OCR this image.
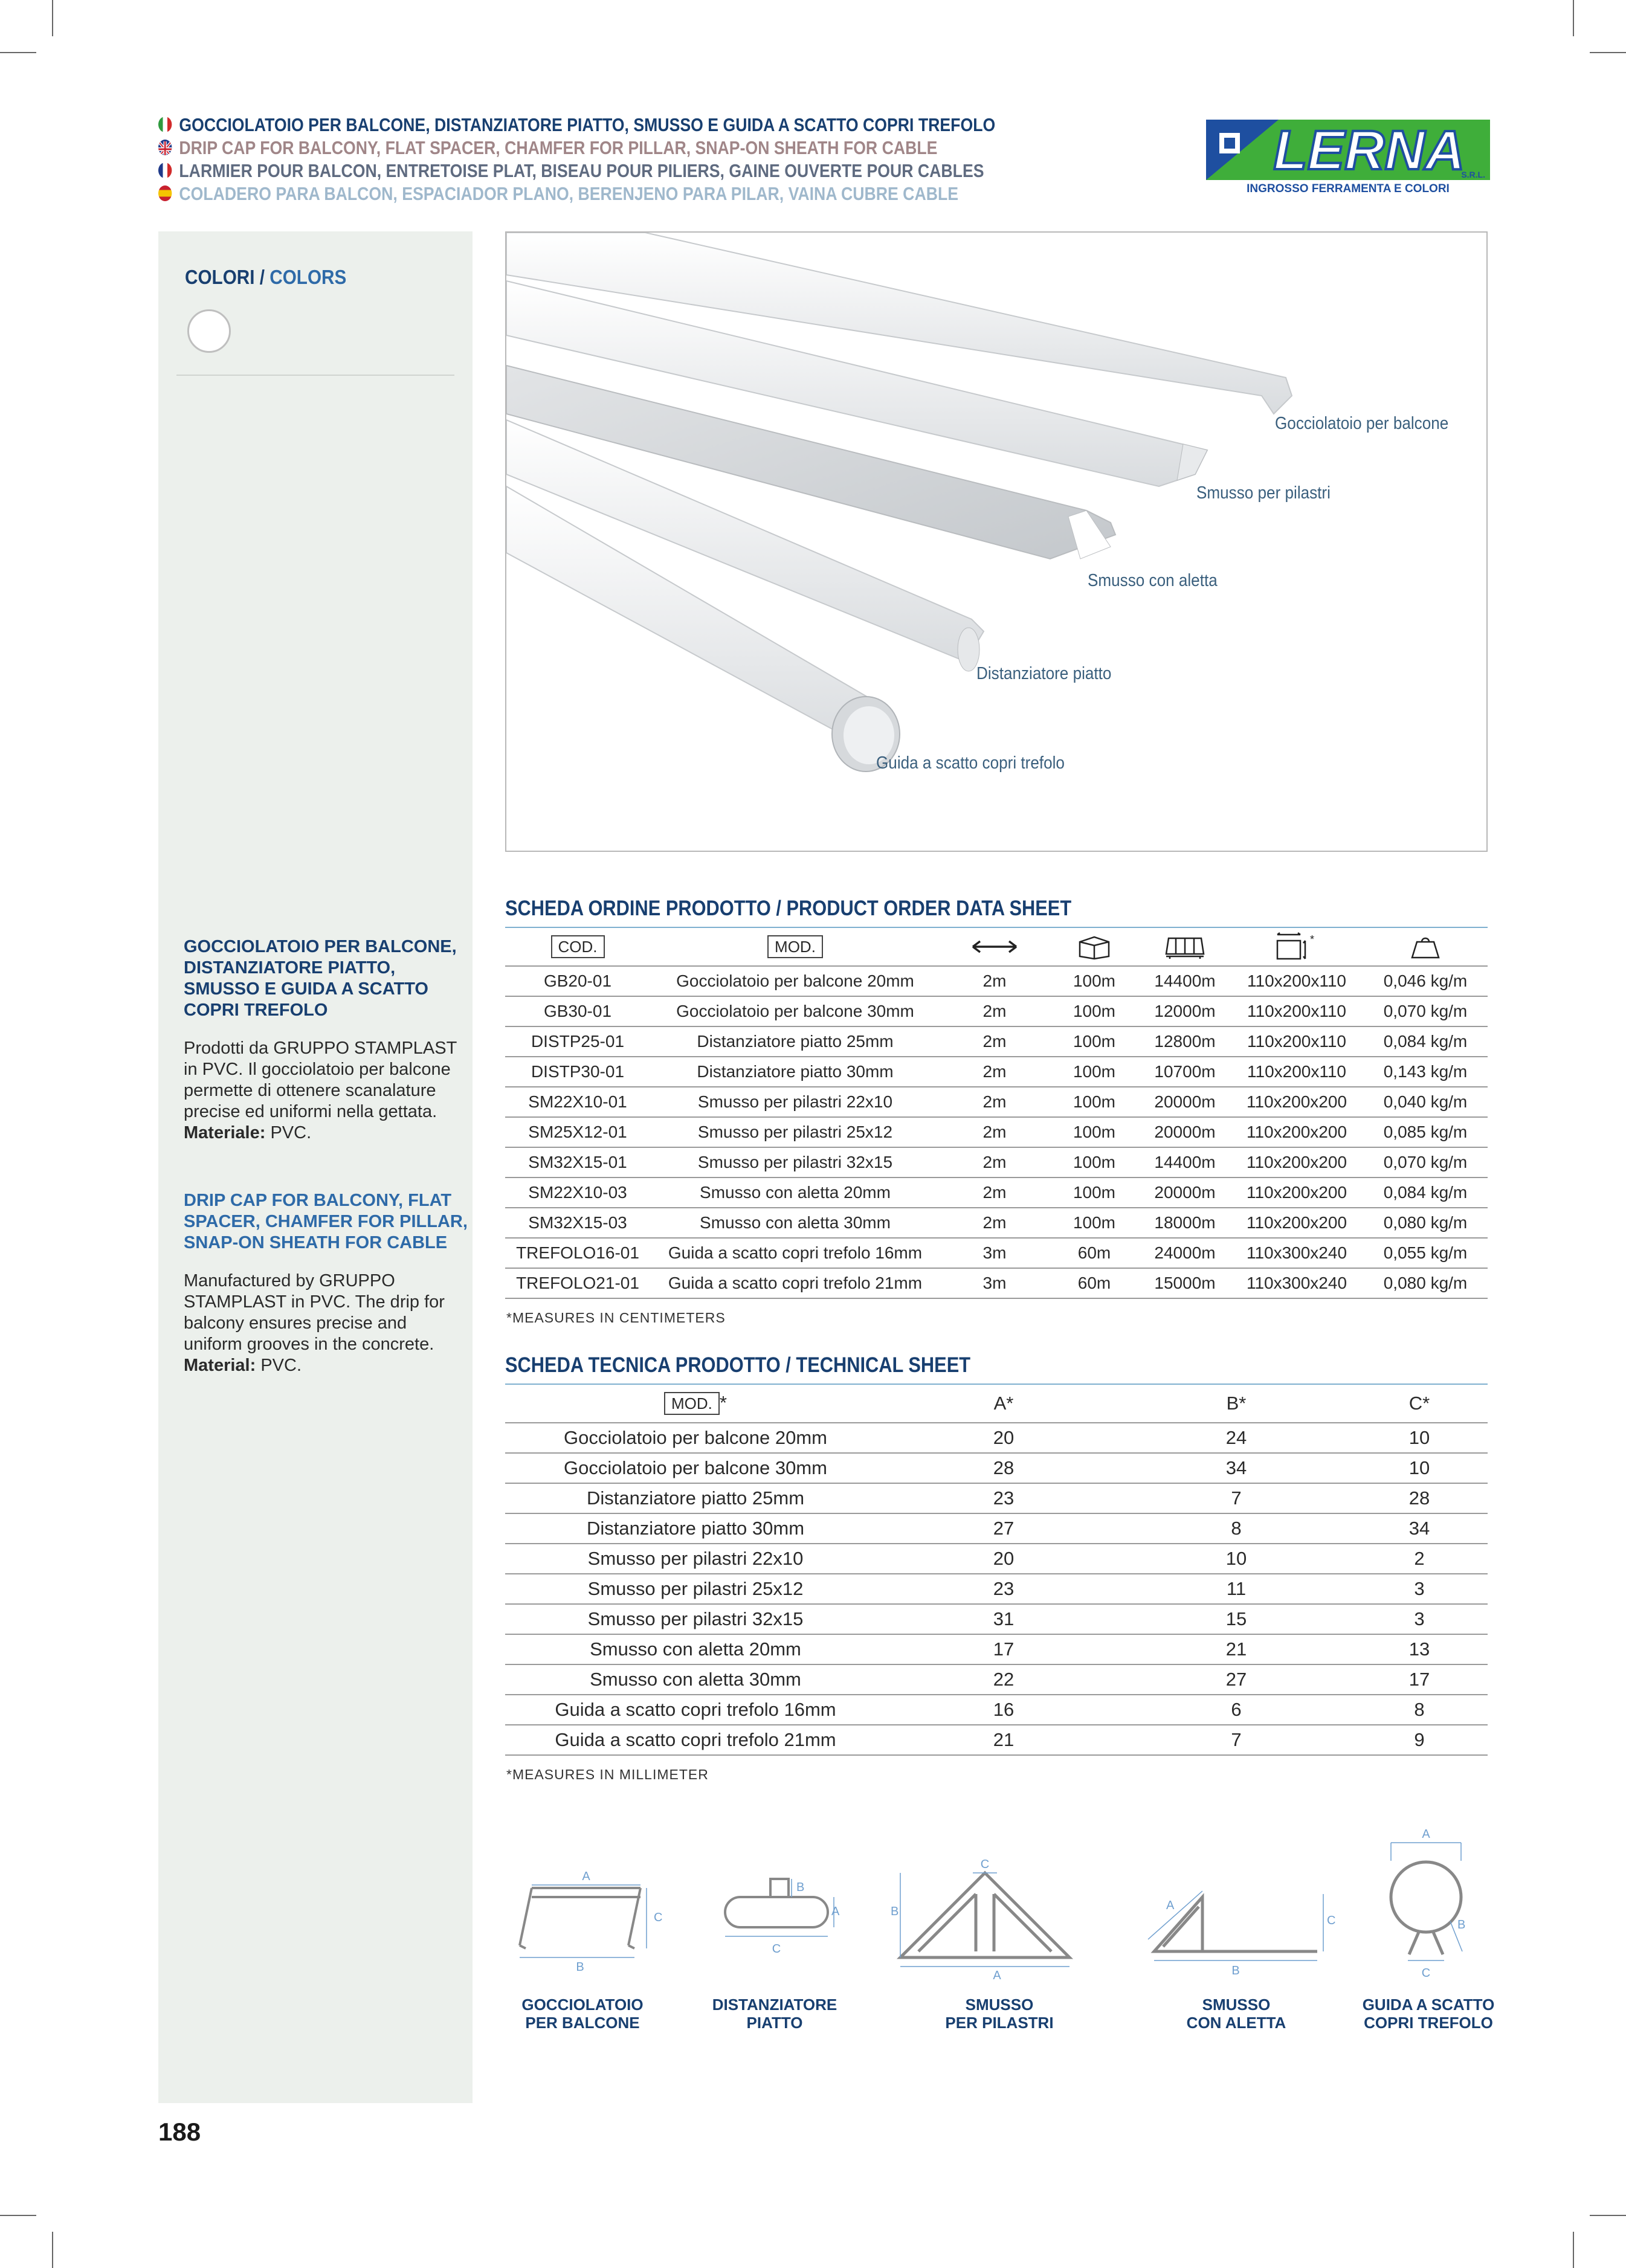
GOCCIOLATOIO PER BALCONE, DISTANZIATORE PIATTO, SMUSSO E GUIDA A SCATTO COPRI TREFOLO
DRIP CAP FOR BALCONY, FLAT SPACER, CHAMFER FOR PILLAR, SNAP-ON SHEATH FOR CABLE
LARMIER POUR BALCON, ENTRETOISE PLAT, BISEAU POUR PILIERS, GAINE OUVERTE POUR CABLES
COLADERO PARA BALCON, ESPACIADOR PLANO, BERENJENO PARA PILAR, VAINA CUBRE CABLE
LERNA
S.R.L.
INGROSSO FERRAMENTA E COLORI
COLORI / COLORS
GOCCIOLATOIO PER BALCONE, DISTANZIATORE PIATTO, SMUSSO E GUIDA A SCATTO COPRI TREFOLO
Prodotti da GRUPPO STAMPLAST in PVC. Il gocciolatoio per balcone permette di ottenere scanalature precise ed uniformi nella gettata.
Materiale: PVC.
DRIP CAP FOR BALCONY, FLAT SPACER, CHAMFER FOR PILLAR, SNAP-ON SHEATH FOR CABLE
Manufactured by GRUPPO STAMPLAST in PVC. The drip for balcony ensures precise and uniform grooves in the concrete.
Material: PVC.
Gocciolatoio per balcone
Smusso per pilastri
Smusso con aletta
Distanziatore piatto
Guida a scatto copri trefolo
SCHEDA ORDINE PRODOTTO / PRODUCT ORDER DATA SHEET
COD.	MOD.				*

GB20-01	Gocciolatoio per balcone 20mm	2m	100m	14400m	110x200x110	0,046 kg/m
GB30-01	Gocciolatoio per balcone 30mm	2m	100m	12000m	110x200x110	0,070 kg/m
DISTP25-01	Distanziatore piatto 25mm	2m	100m	12800m	110x200x110	0,084 kg/m
DISTP30-01	Distanziatore piatto 30mm	2m	100m	10700m	110x200x110	0,143 kg/m
SM22X10-01	Smusso per pilastri 22x10	2m	100m	20000m	110x200x200	0,040 kg/m
SM25X12-01	Smusso per pilastri 25x12	2m	100m	20000m	110x200x200	0,085 kg/m
SM32X15-01	Smusso per pilastri 32x15	2m	100m	14400m	110x200x200	0,070 kg/m
SM22X10-03	Smusso con aletta 20mm	2m	100m	20000m	110x200x200	0,084 kg/m
SM32X15-03	Smusso con aletta 30mm	2m	100m	18000m	110x200x200	0,080 kg/m
TREFOLO16-01	Guida a scatto copri trefolo 16mm	3m	60m	24000m	110x300x240	0,055 kg/m
TREFOLO21-01	Guida a scatto copri trefolo 21mm	3m	60m	15000m	110x300x240	0,080 kg/m
*MEASURES IN CENTIMETERS
SCHEDA TECNICA PRODOTTO / TECHNICAL SHEET
MOD. *	A*	B*	C*
Gocciolatoio per balcone 20mm	20	24	10
Gocciolatoio per balcone 30mm	28	34	10
Distanziatore piatto 25mm	23	7	28
Distanziatore piatto 30mm	27	8	34
Smusso per pilastri 22x10	20	10	2
Smusso per pilastri 25x12	23	11	3
Smusso per pilastri 32x15	31	15	3
Smusso con aletta 20mm	17	21	13
Smusso con aletta 30mm	22	27	17
Guida a scatto copri trefolo 16mm	16	6	8
Guida a scatto copri trefolo 21mm	21	7	9
*MEASURES IN MILLIMETER
A
C
B
B
A
C
C
B
A
A
C
B
A
B
C
GOCCIOLATOIO
PER BALCONE
DISTANZIATORE
PIATTO
SMUSSO
PER PILASTRI
SMUSSO
CON ALETTA
GUIDA A SCATTO
COPRI TREFOLO
188
